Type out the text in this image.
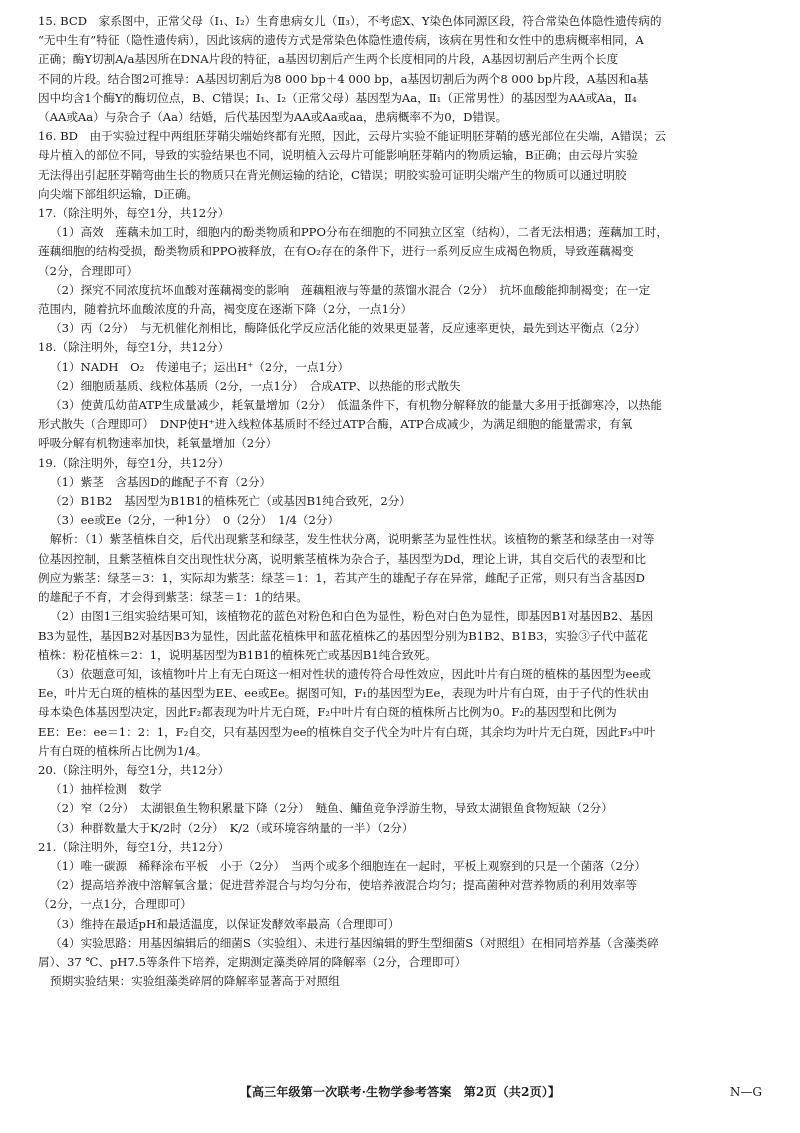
15. BCD　家系图中，正常父母（Ⅰ₁、Ⅰ₂）生育患病女儿（Ⅱ₃），不考虑X、Y染色体同源区段，符合常染色体隐性遗传病的
“无中生有”特征（隐性遗传病），因此该病的遗传方式是常染色体隐性遗传病，该病在男性和女性中的患病概率相同，A
正确；酶Y切割A/a基因所在DNA片段的特征，a基因切割后产生两个长度相同的片段，A基因切割后产生两个长度
不同的片段。结合图2可推导：A基因切割后为8 000 bp＋4 000 bp，a基因切割后为两个8 000 bp片段，A基因和a基
因中均含1个酶Y的酶切位点，B、C错误；Ⅰ₁、Ⅰ₂（正常父母）基因型为Aa，Ⅱ₁（正常男性）的基因型为AA或Aa，Ⅱ₄
（AA或Aa）与杂合子（Aa）结婚，后代基因型为AA或Aa或aa，患病概率不为0，D错误。
16. BD　由于实验过程中两组胚芽鞘尖端始终都有光照，因此，云母片实验不能证明胚芽鞘的感光部位在尖端，A错误；云
母片植入的部位不同，导致的实验结果也不同，说明植入云母片可能影响胚芽鞘内的物质运输，B正确；由云母片实验
无法得出引起胚芽鞘弯曲生长的物质只在背光侧运输的结论，C错误；明胶实验可证明尖端产生的物质可以通过明胶
向尖端下部组织运输，D正确。
17.（除注明外，每空1分，共12分）
（1）高效　莲藕未加工时，细胞内的酚类物质和PPO分布在细胞的不同独立区室（结构），二者无法相遇；莲藕加工时，
莲藕细胞的结构受损，酚类物质和PPO被释放，在有O₂存在的条件下，进行一系列反应生成褐色物质，导致莲藕褐变
（2分，合理即可）
（2）探究不同浓度抗坏血酸对莲藕褐变的影响　莲藕粗液与等量的蒸馏水混合（2分）　抗坏血酸能抑制褐变；在一定
范围内，随着抗坏血酸浓度的升高，褐变度在逐渐下降（2分，一点1分）
（3）丙（2分）　与无机催化剂相比，酶降低化学反应活化能的效果更显著，反应速率更快，最先到达平衡点（2分）
18.（除注明外，每空1分，共12分）
（1）NADH　O₂　传递电子；运出H⁺（2分，一点1分）
（2）细胞质基质、线粒体基质（2分，一点1分）　合成ATP、以热能的形式散失
（3）使黄瓜幼苗ATP生成量减少，耗氧量增加（2分）　低温条件下，有机物分解释放的能量大多用于抵御寒冷，以热能
形式散失（合理即可）　DNP使H⁺进入线粒体基质时不经过ATP合酶，ATP合成减少，为满足细胞的能量需求，有氧
呼吸分解有机物速率加快，耗氧量增加（2分）
19.（除注明外，每空1分，共12分）
（1）紫茎　含基因D的雌配子不育（2分）
（2）B1B2　基因型为B1B1的植株死亡（或基因B1纯合致死，2分）
（3）ee或Ee（2分，一种1分）　0（2分）　1/4（2分）
解析：（1）紫茎植株自交，后代出现紫茎和绿茎，发生性状分离，说明紫茎为显性性状。该植物的紫茎和绿茎由一对等
位基因控制，且紫茎植株自交出现性状分离，说明紫茎植株为杂合子，基因型为Dd，理论上讲，其自交后代的表型和比
例应为紫茎：绿茎＝3：1，实际却为紫茎：绿茎＝1：1，若其产生的雄配子存在异常，雌配子正常，则只有当含基因D
的雄配子不育，才会得到紫茎：绿茎＝1：1的结果。
（2）由图1三组实验结果可知，该植物花的蓝色对粉色和白色为显性，粉色对白色为显性，即基因B1对基因B2、基因
B3为显性，基因B2对基因B3为显性，因此蓝花植株甲和蓝花植株乙的基因型分别为B1B2、B1B3，实验③子代中蓝花
植株：粉花植株＝2：1，说明基因型为B1B1的植株死亡或基因B1纯合致死。
（3）依题意可知，该植物叶片上有无白斑这一相对性状的遗传符合母性效应，因此叶片有白斑的植株的基因型为ee或
Ee，叶片无白斑的植株的基因型为EE、ee或Ee。据图可知，F₁的基因型为Ee，表现为叶片有白斑，由于子代的性状由
母本染色体基因型决定，因此F₂都表现为叶片无白斑，F₂中叶片有白斑的植株所占比例为0。F₂的基因型和比例为
EE：Ee：ee＝1：2：1，F₂自交，只有基因型为ee的植株自交子代全为叶片有白斑，其余均为叶片无白斑，因此F₃中叶
片有白斑的植株所占比例为1/4。
20.（除注明外，每空1分，共12分）
（1）抽样检测　数学
（2）窄（2分）　太湖银鱼生物积累量下降（2分）　鲢鱼、鳙鱼竞争浮游生物，导致太湖银鱼食物短缺（2分）
（3）种群数量大于K/2时（2分）　K/2（或环境容纳量的一半）（2分）
21.（除注明外，每空1分，共12分）
（1）唯一碳源　稀释涂布平板　小于（2分）　当两个或多个细胞连在一起时，平板上观察到的只是一个菌落（2分）
（2）提高培养液中溶解氧含量；促进营养混合与均匀分布，使培养液混合均匀；提高菌种对营养物质的利用效率等
（2分，一点1分，合理即可）
（3）维持在最适pH和最适温度，以保证发酵效率最高（合理即可）
（4）实验思路：用基因编辑后的细菌S（实验组）、未进行基因编辑的野生型细菌S（对照组）在相同培养基（含藻类碎
屑）、37 ℃、pH7.5等条件下培养，定期测定藻类碎屑的降解率（2分，合理即可）
预期实验结果：实验组藻类碎屑的降解率显著高于对照组
【高三年级第一次联考·生物学参考答案　第2页（共2页）】	N—G
